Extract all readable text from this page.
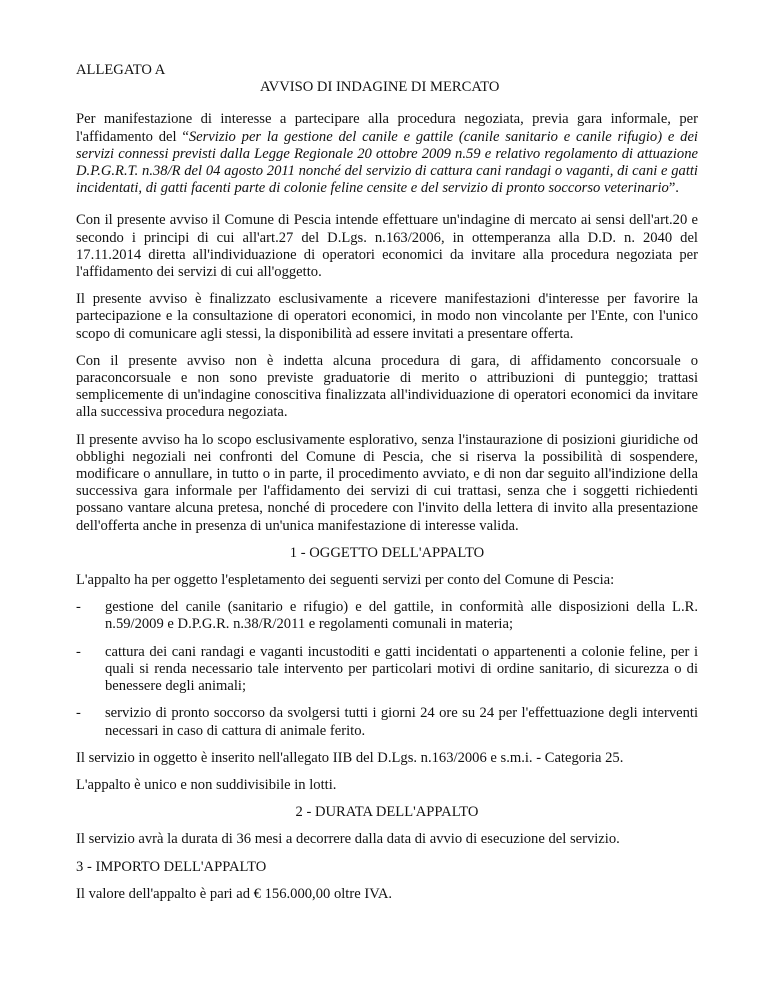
ALLEGATO A

AVVISO DI INDAGINE DI MERCATO

Per manifestazione di interesse a partecipare alla procedura negoziata, previa gara informale, per l'affidamento del “Servizio per la gestione del canile e gattile (canile sanitario e canile rifugio) e dei servizi connessi previsti dalla Legge Regionale 20 ottobre 2009 n.59 e relativo regolamento di attuazione D.P.G.R.T. n.38/R del 04 agosto 2011 nonché del servizio di cattura cani randagi o vaganti, di cani e gatti incidentati, di gatti facenti parte di colonie feline censite e del servizio di pronto soccorso veterinario”.

Con il presente avviso il Comune di Pescia intende effettuare un'indagine di mercato ai sensi dell'art.20 e secondo i principi di cui all'art.27 del D.Lgs. n.163/2006, in ottemperanza alla D.D. n. 2040 del 17.11.2014 diretta all'individuazione di operatori economici da invitare alla procedura negoziata per l'affidamento dei servizi di cui all'oggetto.

Il presente avviso è finalizzato esclusivamente a ricevere manifestazioni d'interesse per favorire la partecipazione e la consultazione di operatori economici, in modo non vincolante per l'Ente, con l'unico scopo di comunicare agli stessi, la disponibilità ad essere invitati a presentare offerta.

Con il presente avviso non è indetta alcuna procedura di gara, di affidamento concorsuale o paraconcorsuale e non sono previste graduatorie di merito o attribuzioni di punteggio; trattasi semplicemente di un'indagine conoscitiva finalizzata all'individuazione di operatori economici da invitare alla successiva procedura negoziata.

Il presente avviso ha lo scopo esclusivamente esplorativo, senza l'instaurazione di posizioni giuridiche od obblighi negoziali nei confronti del Comune di Pescia, che si riserva la possibilità di sospendere, modificare o annullare, in tutto o in parte, il procedimento avviato, e di non dar seguito all'indizione della successiva gara informale per l'affidamento dei servizi di cui trattasi, senza che i soggetti richiedenti possano vantare alcuna pretesa, nonché di procedere con l'invito della lettera di invito alla presentazione dell'offerta anche in presenza di un'unica manifestazione di interesse valida.

1 - OGGETTO DELL'APPALTO

L'appalto ha per oggetto l'espletamento dei seguenti servizi per conto del Comune di Pescia:

-	gestione del canile (sanitario e rifugio) e del gattile, in conformità alle disposizioni della L.R. n.59/2009 e D.P.G.R. n.38/R/2011 e regolamenti comunali in materia;
-	cattura dei cani randagi e vaganti incustoditi e gatti incidentati o appartenenti a colonie feline, per i quali si renda necessario tale intervento per particolari motivi di ordine sanitario, di sicurezza o di benessere degli animali;
-	servizio di pronto soccorso da svolgersi tutti i giorni 24 ore su 24 per l'effettuazione degli interventi necessari in caso di cattura di animale ferito.

Il servizio in oggetto è inserito nell'allegato IIB del D.Lgs. n.163/2006 e s.m.i. - Categoria 25.

L'appalto è unico e non suddivisibile in lotti.

2 - DURATA DELL'APPALTO

Il servizio avrà la durata di 36 mesi a decorrere dalla data di avvio di esecuzione del servizio.

3 - IMPORTO DELL'APPALTO

Il valore dell'appalto è pari ad € 156.000,00 oltre IVA.
